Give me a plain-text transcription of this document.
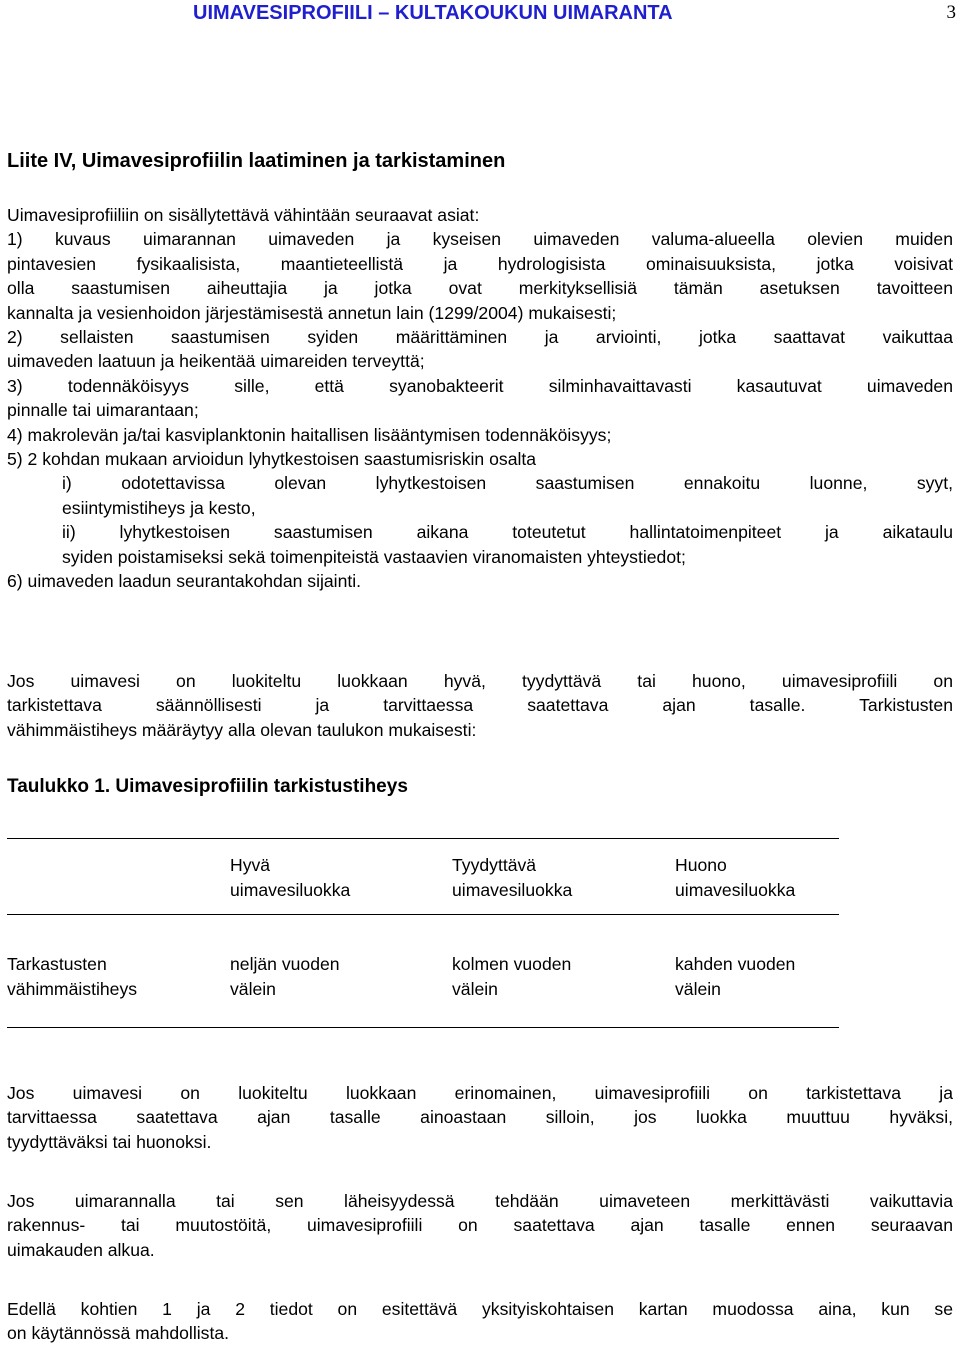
UIMAVESIPROFIILI – KULTAKOUKUN UIMARANTA	3
Liite IV, Uimavesiprofiilin laatiminen ja tarkistaminen
Uimavesiprofiiliin on sisällytettävä vähintään seuraavat asiat:
1) kuvaus uimarannan uimaveden ja kyseisen uimaveden valuma-alueella olevien muiden
pintavesien fysikaalisista, maantieteellistä ja hydrologisista ominaisuuksista, jotka voisivat
olla saastumisen aiheuttajia ja jotka ovat merkityksellisiä tämän asetuksen tavoitteen
kannalta ja vesienhoidon järjestämisestä annetun lain (1299/2004) mukaisesti;
2) sellaisten saastumisen syiden määrittäminen ja arviointi, jotka saattavat vaikuttaa
uimaveden laatuun ja heikentää uimareiden terveyttä;
3) todennäköisyys sille, että syanobakteerit silminhavaittavasti kasautuvat uimaveden
pinnalle tai uimarantaan;
4) makrolevän ja/tai kasviplanktonin haitallisen lisääntymisen todennäköisyys;
5) 2 kohdan mukaan arvioidun lyhytkestoisen saastumisriskin osalta
i) odotettavissa olevan lyhytkestoisen saastumisen ennakoitu luonne, syyt,
esiintymistiheys ja kesto,
ii) lyhytkestoisen saastumisen aikana toteutetut hallintatoimenpiteet ja aikataulu
syiden poistamiseksi sekä toimenpiteistä vastaavien viranomaisten yhteystiedot;
6) uimaveden laadun seurantakohdan sijainti.
Jos uimavesi on luokiteltu luokkaan hyvä, tyydyttävä tai huono, uimavesiprofiili on
tarkistettava säännöllisesti ja tarvittaessa saatettava ajan tasalle. Tarkistusten
vähimmäistiheys määräytyy alla olevan taulukon mukaisesti:
Taulukko 1. Uimavesiprofiilin tarkistustiheys
Hyvä
uimavesiluokka
Tyydyttävä
uimavesiluokka
Huono
uimavesiluokka
Tarkastusten
vähimmäistiheys
neljän vuoden
välein
kolmen vuoden
välein
kahden vuoden
välein
Jos uimavesi on luokiteltu luokkaan erinomainen, uimavesiprofiili on tarkistettava ja
tarvittaessa saatettava ajan tasalle ainoastaan silloin, jos luokka muuttuu hyväksi,
tyydyttäväksi tai huonoksi.
Jos uimarannalla tai sen läheisyydessä tehdään uimaveteen merkittävästi vaikuttavia
rakennus- tai muutostöitä, uimavesiprofiili on saatettava ajan tasalle ennen seuraavan
uimakauden alkua.
Edellä kohtien 1 ja 2 tiedot on esitettävä yksityiskohtaisen kartan muodossa aina, kun se
on käytännössä mahdollista.
